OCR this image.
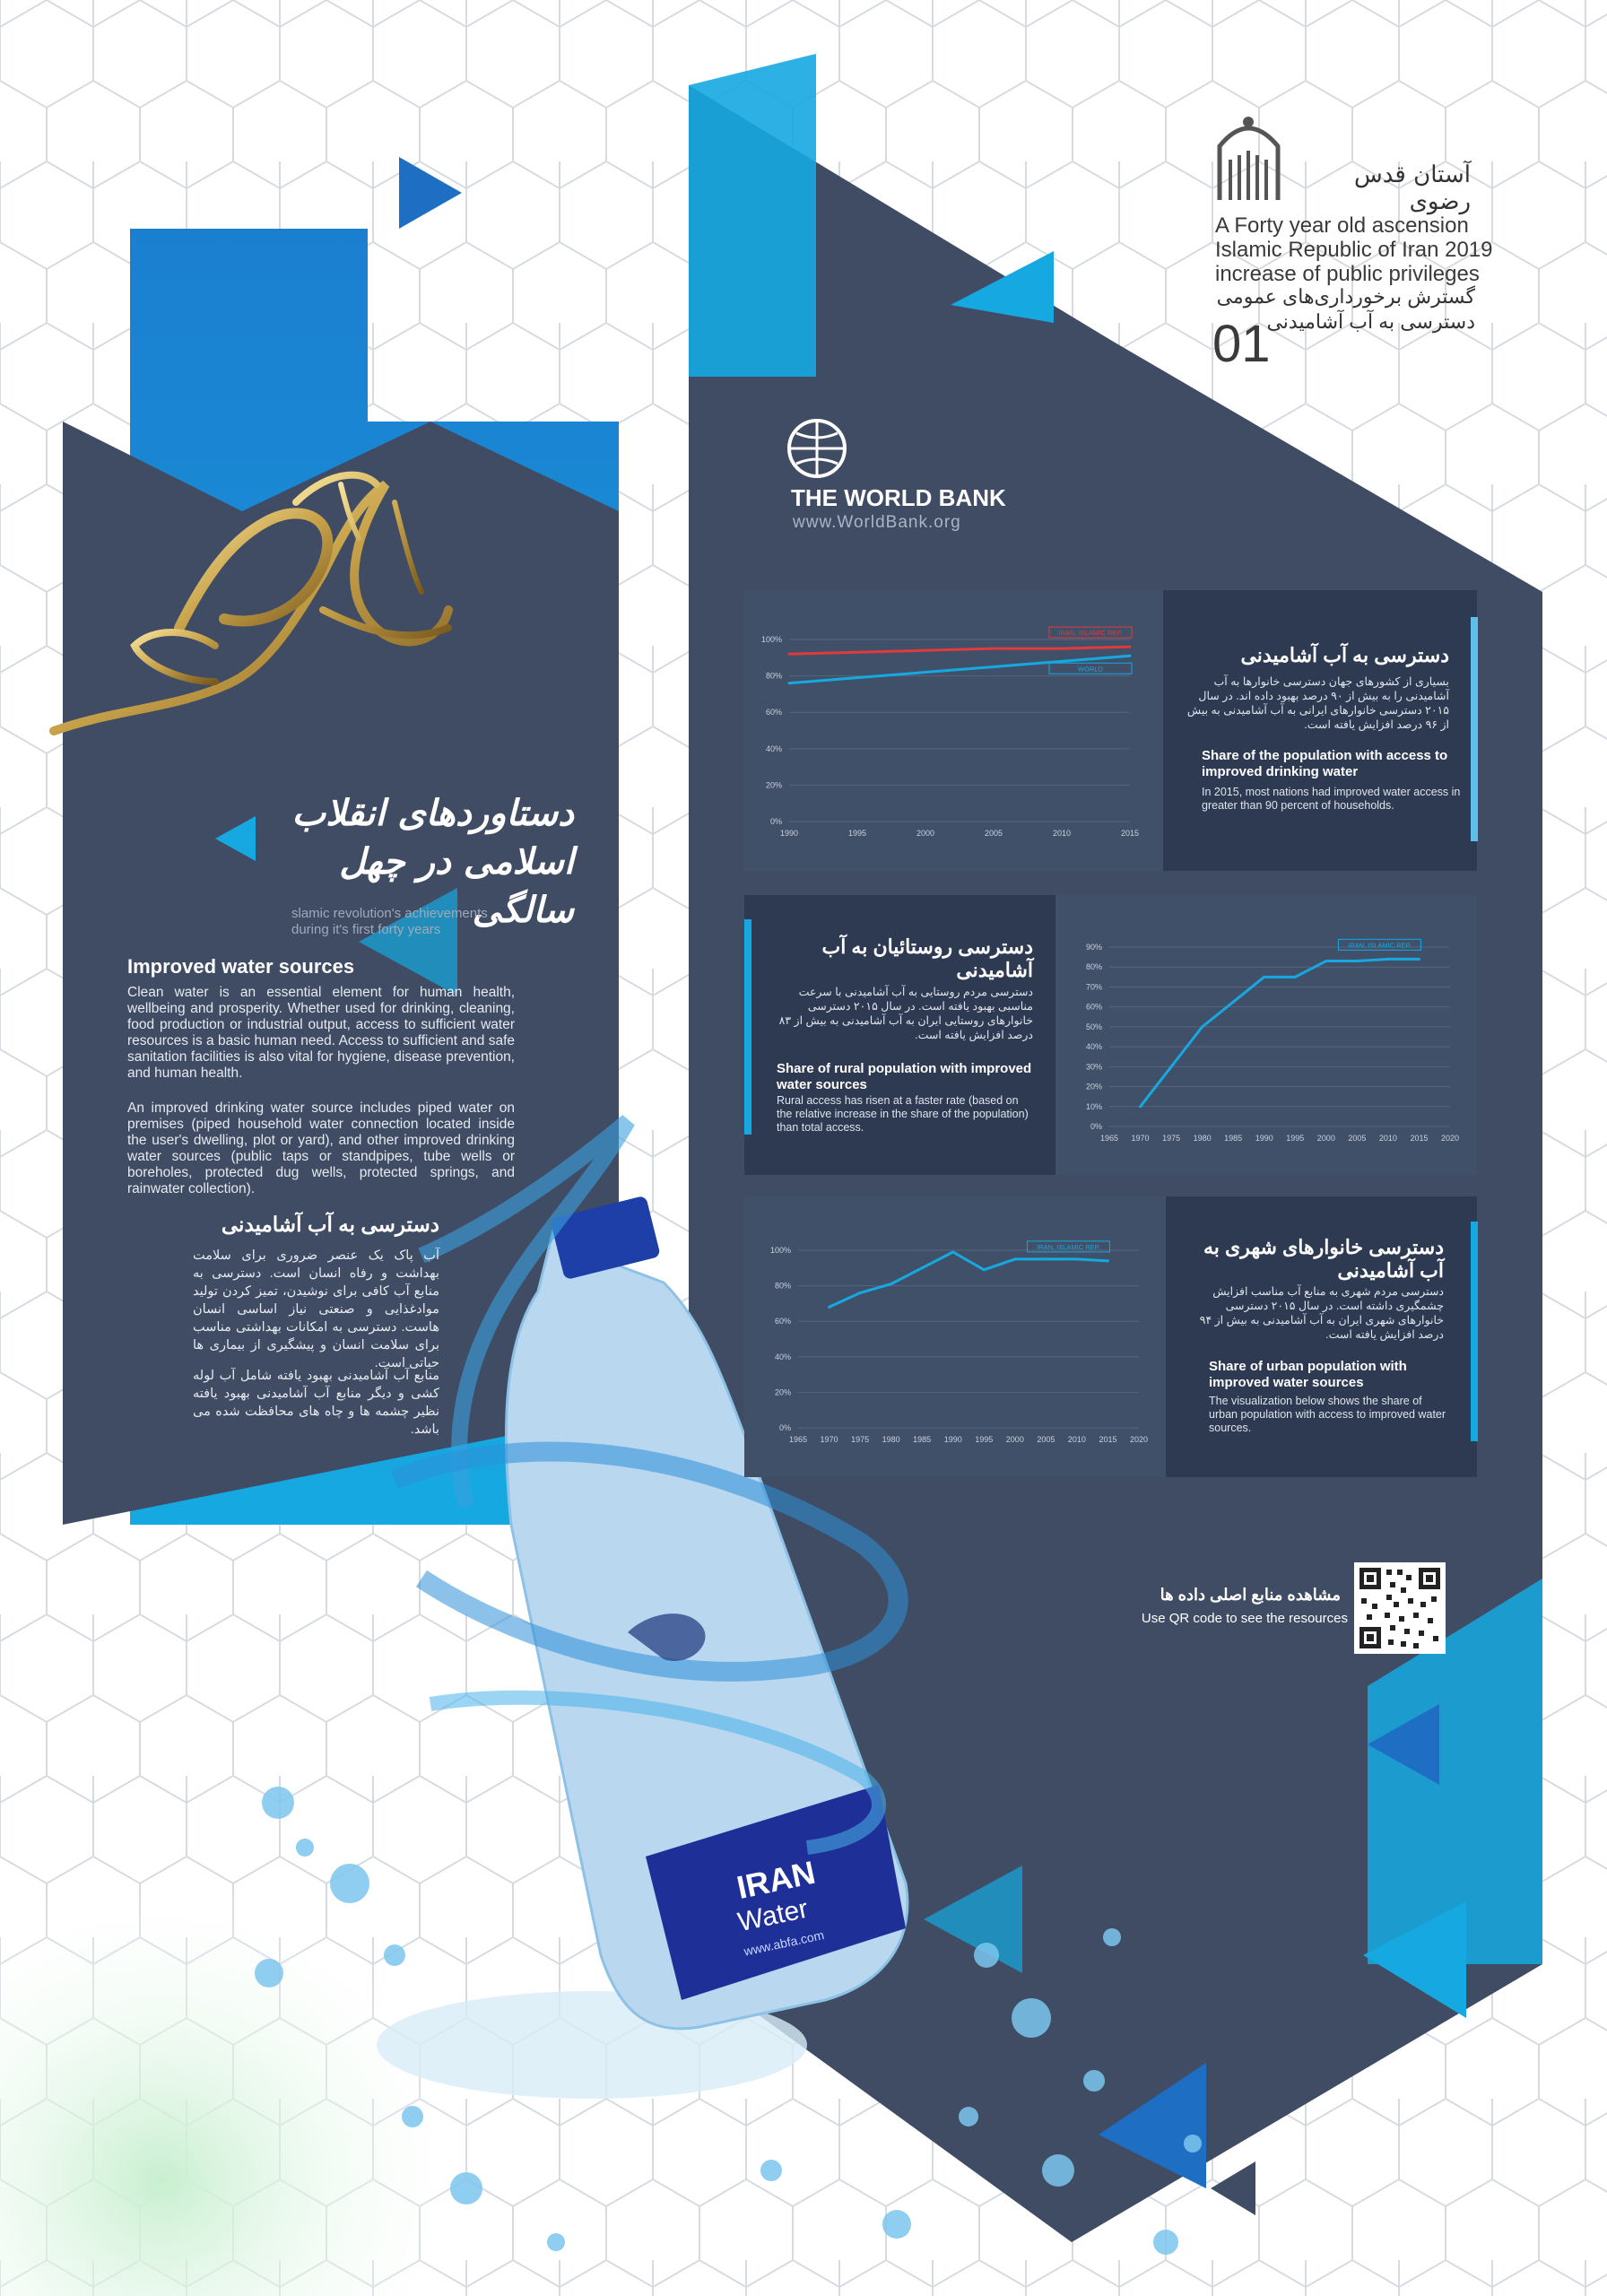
آستان قدس رضوی
A Forty year old ascension
Islamic Republic of Iran 2019
increase of public privileges
گسترش برخورداری‌های عمومی
دسترسی به آب آشامیدنی
01
THE WORLD BANK
www.WorldBank.org
دستاوردهای انقلاب
اسلامی در چهل سالگی
slamic revolution's achievements
during it's first forty years
Improved water sources
Clean water is an essential element for human health, wellbeing and prosperity. Whether used for drinking, cleaning, food production or industrial output, access to sufficient water resources is a basic human need. Access to sufficient and safe sanitation facilities is also vital for hygiene, disease prevention, and human health.
An improved drinking water source includes piped water on premises (piped household water connection located inside the user's dwelling, plot or yard), and other improved drinking water sources (public taps or standpipes, tube wells or boreholes, protected dug wells, protected springs, and rainwater collection).
دسترسی به آب آشامیدنی
آب پاک یک عنصر ضروری برای سلامت بهداشت و رفاه انسان است. دسترسی به منابع آب کافی برای نوشیدن، تمیز کردن تولید موادغذایی و صنعتی نیاز اساسی انسان هاست. دسترسی به امکانات بهداشتی مناسب برای سلامت انسان و پیشگیری از بیماری ها حیاتی است.
منابع آب آشامیدنی بهبود یافته شامل آب لوله کشی و دیگر منابع آب آشامیدنی بهبود یافته نظیر چشمه ها و چاه های محافظت شده می باشد.
IRAN
Water
www.abfa.com
دسترسی به آب آشامیدنی
بسیاری از کشورهای جهان دسترسی خانوارها به آب آشامیدنی را به بیش از ۹۰ درصد بهبود داده اند. در سال ۲۰۱۵ دسترسی خانوارهای ایرانی به آب آشامیدنی به بیش از ۹۶ درصد افزایش یافته است.
Share of the population with access to improved drinking water
In 2015, most nations had improved water access in greater than 90 percent of households.
دسترسی روستائیان به آب آشامیدنی
دسترسی مردم روستایی به آب آشامیدنی با سرعت مناسبی بهبود یافته است. در سال ۲۰۱۵ دسترسی خانوارهای روستایی ایران به آب آشامیدنی به بیش از ۸۳ درصد افزایش یافته است.
Share of rural population with improved water sources
Rural access has risen at a faster rate (based on the relative increase in the share of the population) than total access.
دسترسی خانوارهای شهری به آب آشامیدنی
دسترسی مردم شهری به منابع آب مناسب افزایش چشمگیری داشته است. در سال ۲۰۱۵ دسترسی خانوارهای شهری ایران به آب آشامیدنی به بیش از ۹۴ درصد افزایش یافته است.
Share of urban population with improved water sources
The visualization below shows the share of urban population with access to improved water sources.
0%
20%
40%
60%
80%
100%
1990	1995	2000	2005	2010	2015
IRAN, ISLAMIC REP.
WORLD
0%
10%
20%
30%
40%
50%
60%
70%
80%
90%
1965 1970 1975 1980 1985 1990 1995 2000 2005 2010 2015 2020
IRAN, ISLAMIC REP.
0%
20%
40%
60%
80%
100%
1965 1970 1975 1980 1985 1990 1995 2000 2005 2010 2015 2020
IRAN, ISLAMIC REP.
مشاهده منابع اصلی داده ها
Use QR code to see the resources
